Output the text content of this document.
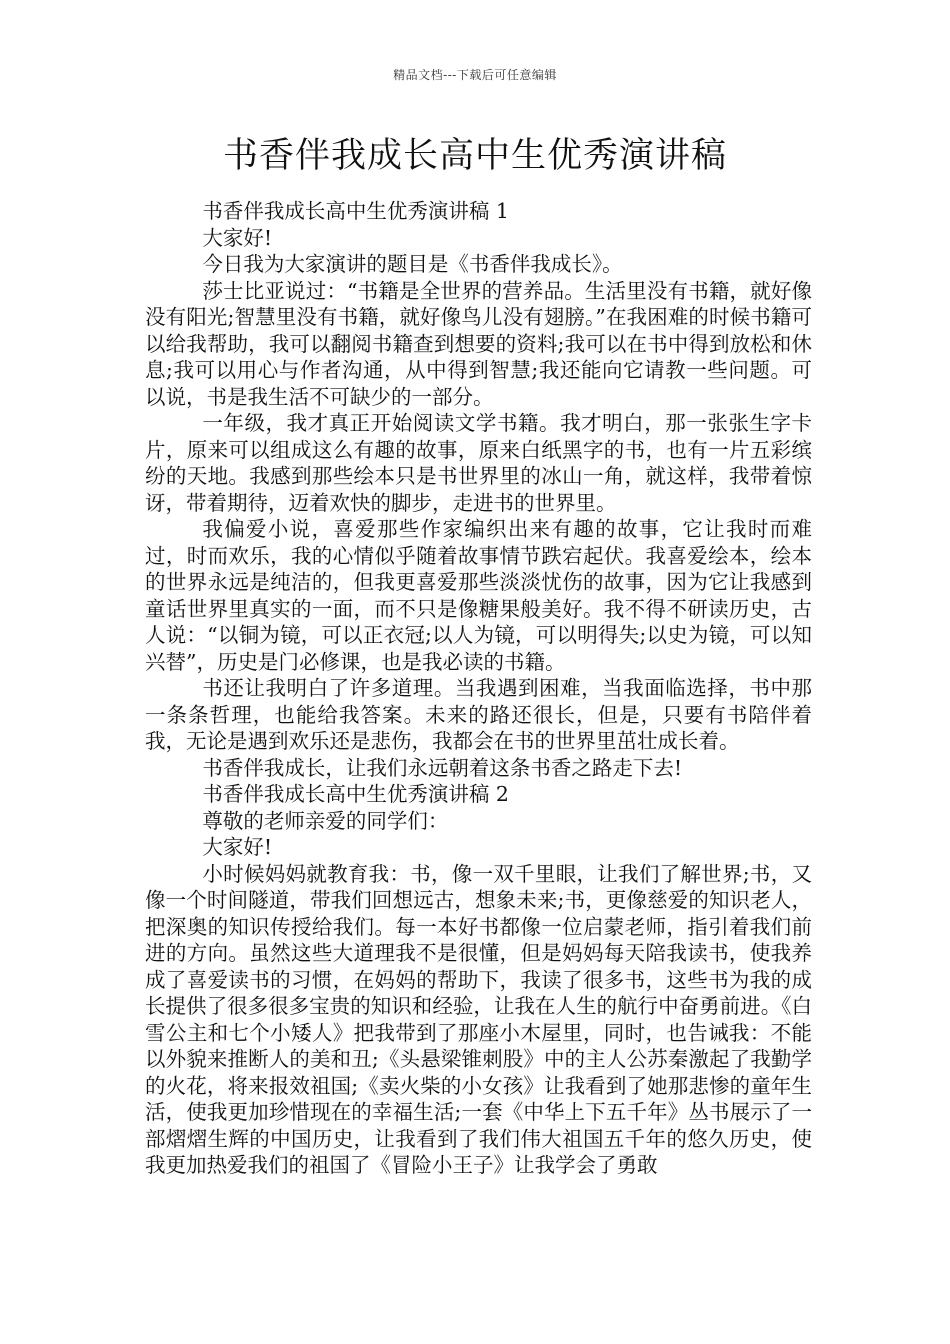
精品文档---下载后可任意编辑
书香伴我成长高中生优秀演讲稿

书香伴我成长高中生优秀演讲稿 1

大家好!

今日我为大家演讲的题目是《书香伴我成长》。

莎士比亚说过：“书籍是全世界的营养品。生活里没有书籍，就好像没有阳光;智慧里没有书籍，就好像鸟儿没有翅膀。”在我困难的时候书籍可以给我帮助，我可以翻阅书籍查到想要的资料;我可以在书中得到放松和休息;我可以用心与作者沟通，从中得到智慧;我还能向它请教一些问题。可以说，书是我生活不可缺少的一部分。

一年级，我才真正开始阅读文学书籍。我才明白，那一张张生字卡片，原来可以组成这么有趣的故事，原来白纸黑字的书，也有一片五彩缤纷的天地。我感到那些绘本只是书世界里的冰山一角，就这样，我带着惊讶，带着期待，迈着欢快的脚步，走进书的世界里。

我偏爱小说，喜爱那些作家编织出来有趣的故事，它让我时而难过，时而欢乐，我的心情似乎随着故事情节跌宕起伏。我喜爱绘本，绘本的世界永远是纯洁的，但我更喜爱那些淡淡忧伤的故事，因为它让我感到童话世界里真实的一面，而不只是像糖果般美好。我不得不研读历史，古人说：“以铜为镜，可以正衣冠;以人为镜，可以明得失;以史为镜，可以知兴替”，历史是门必修课，也是我必读的书籍。

书还让我明白了许多道理。当我遇到困难，当我面临选择，书中那一条条哲理，也能给我答案。未来的路还很长，但是，只要有书陪伴着我，无论是遇到欢乐还是悲伤，我都会在书的世界里茁壮成长着。

书香伴我成长，让我们永远朝着这条书香之路走下去!

书香伴我成长高中生优秀演讲稿 2

尊敬的老师亲爱的同学们：

大家好!

小时候妈妈就教育我：书，像一双千里眼，让我们了解世界;书，又像一个时间隧道，带我们回想远古，想象未来;书，更像慈爱的知识老人，把深奥的知识传授给我们。每一本好书都像一位启蒙老师，指引着我们前进的方向。虽然这些大道理我不是很懂，但是妈妈每天陪我读书，使我养成了喜爱读书的习惯，在妈妈的帮助下，我读了很多书，这些书为我的成长提供了很多很多宝贵的知识和经验，让我在人生的航行中奋勇前进。《白雪公主和七个小矮人》把我带到了那座小木屋里，同时，也告诫我：不能以外貌来推断人的美和丑;《头悬梁锥刺股》中的主人公苏秦激起了我勤学的火花，将来报效祖国;《卖火柴的小女孩》让我看到了她那悲惨的童年生活，使我更加珍惜现在的幸福生活;一套《中华上下五千年》丛书展示了一部熠熠生辉的中国历史，让我看到了我们伟大祖国五千年的悠久历史，使我更加热爱我们的祖国了《冒险小王子》让我学会了勇敢
